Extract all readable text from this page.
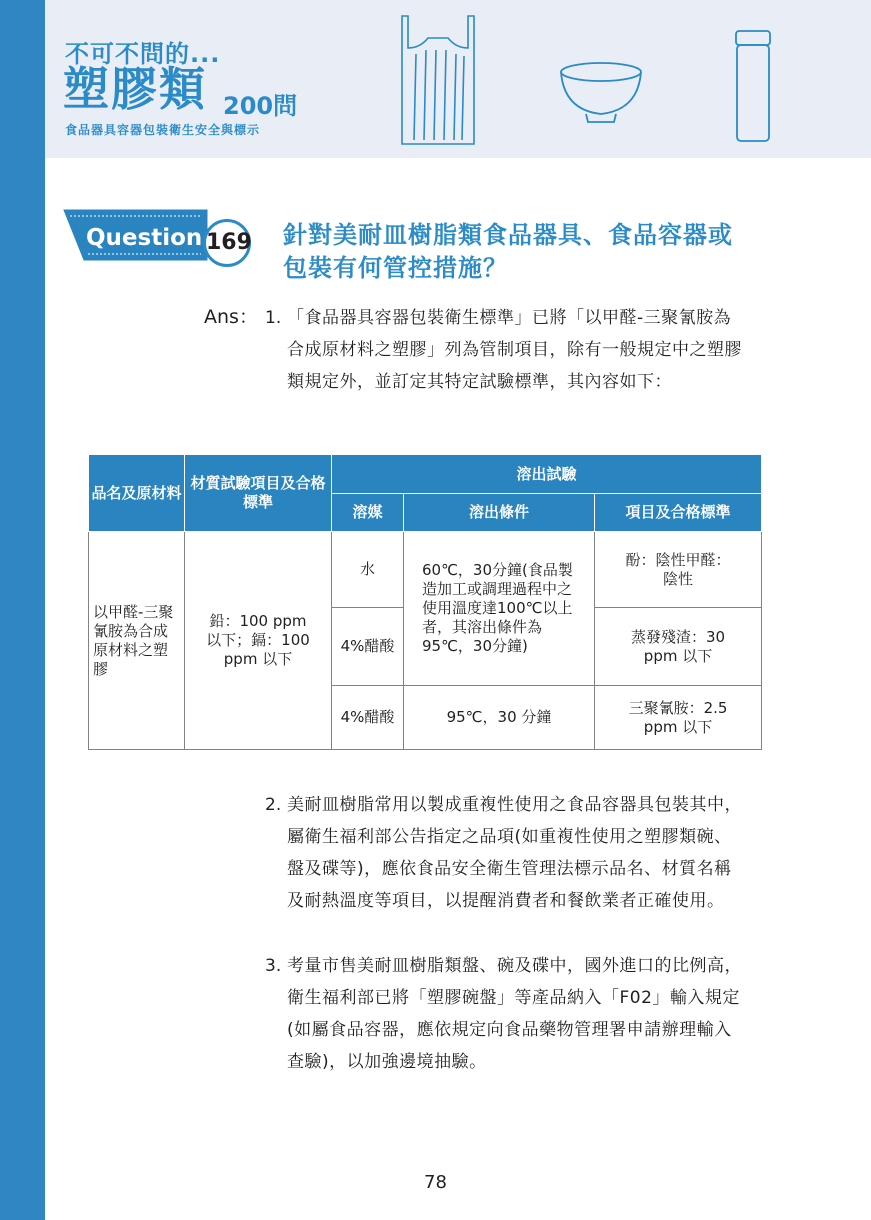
不可不問的...
塑膠類 200問
食品器具容器包裝衛生安全與標示
Question 169 針對美耐皿樹脂類食品器具、食品容器或包裝有何管控措施？
Ans： 1. 「食品器具容器包裝衛生標準」已將「以甲醛-三聚氰胺為合成原材料之塑膠」列為管制項目，除有一般規定中之塑膠類規定外，並訂定其特定試驗標準，其內容如下：
品名及原材料	材質試驗項目及合格標準	溶出試驗		
		溶媒	溶出條件	項目及合格標準
以甲醛-三聚氰胺為合成原材料之塑膠	鉛：100 ppm 以下；鎘：100 ppm 以下	水	60℃，30分鐘(食品製造加工或調理過程中之使用溫度達100℃以上者，其溶出條件為95℃，30分鐘)	酚：陰性甲醛：陰性
		4%醋酸		蒸發殘渣：30 ppm 以下
		4%醋酸	95℃，30 分鐘	三聚氰胺：2.5 ppm 以下
2. 美耐皿樹脂常用以製成重複性使用之食品容器具包裝其中，屬衛生福利部公告指定之品項(如重複性使用之塑膠類碗、盤及碟等)，應依食品安全衛生管理法標示品名、材質名稱及耐熱溫度等項目，以提醒消費者和餐飲業者正確使用。
3. 考量市售美耐皿樹脂類盤、碗及碟中，國外進口的比例高，衛生福利部已將「塑膠碗盤」等產品納入「F02」輸入規定(如屬食品容器，應依規定向食品藥物管理署申請辦理輸入查驗)，以加強邊境抽驗。
78
